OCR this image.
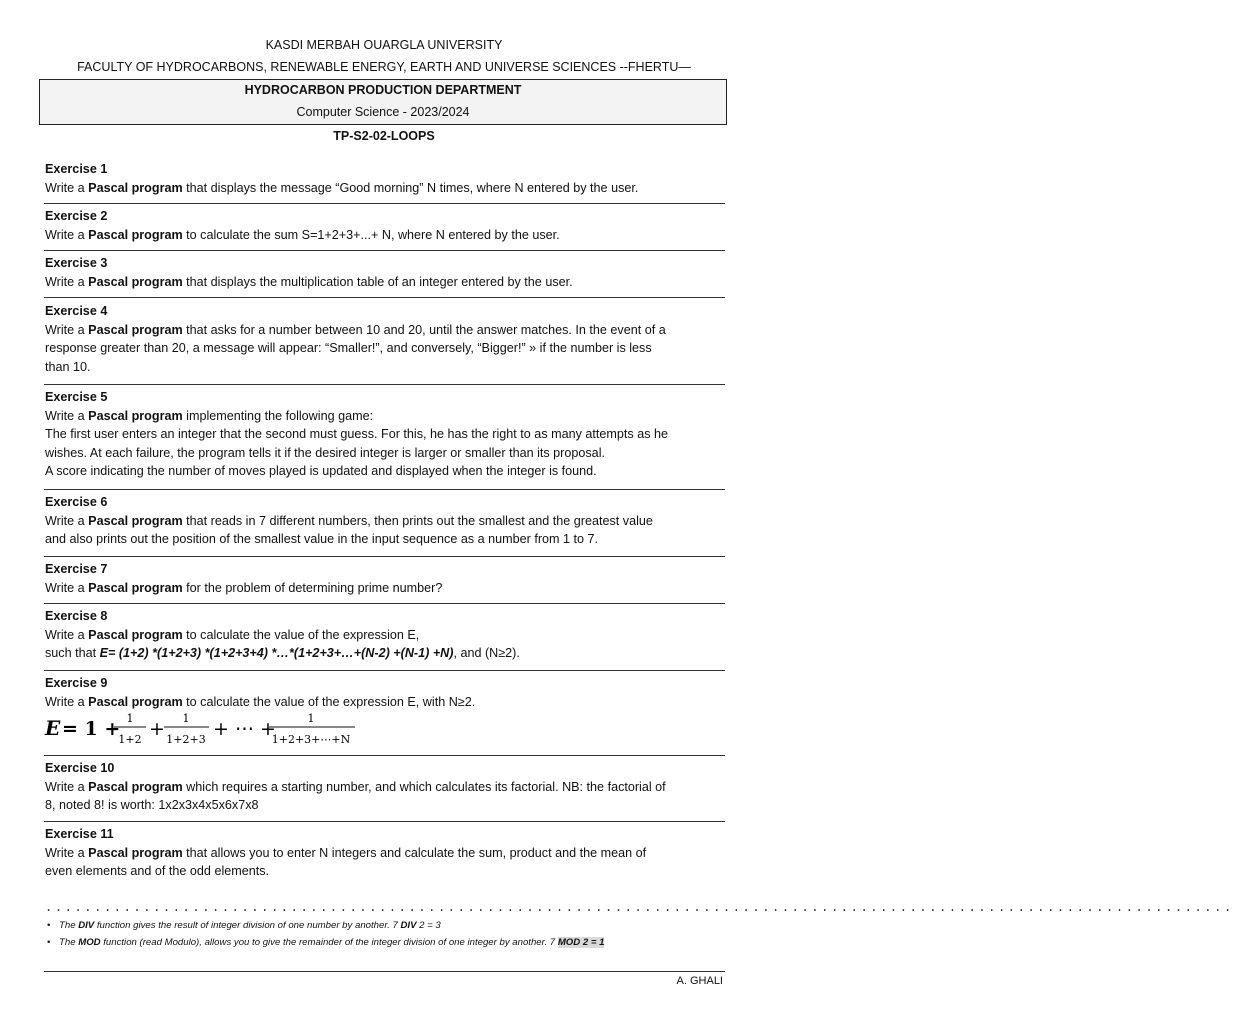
KASDI MERBAH OUARGLA UNIVERSITY
FACULTY OF HYDROCARBONS, RENEWABLE ENERGY, EARTH AND UNIVERSE SCIENCES --FHERTU—
HYDROCARBON PRODUCTION DEPARTMENT
Computer Science - 2023/2024
TP-S2-02-LOOPS
Exercise 1
Write a Pascal program that displays the message “Good morning” N times, where N entered by the user.
Exercise 2
Write a Pascal program to calculate the sum S=1+2+3+...+ N, where N entered by the user.
Exercise 3
Write a Pascal program that displays the multiplication table of an integer entered by the user.
Exercise 4
Write a Pascal program that asks for a number between 10 and 20, until the answer matches. In the event of a
response greater than 20, a message will appear: “Smaller!”, and conversely, “Bigger!” » if the number is less
than 10.
Exercise 5
Write a Pascal program implementing the following game:
The first user enters an integer that the second must guess. For this, he has the right to as many attempts as he
wishes. At each failure, the program tells it if the desired integer is larger or smaller than its proposal.
A score indicating the number of moves played is updated and displayed when the integer is found.
Exercise 6
Write a Pascal program that reads in 7 different numbers, then prints out the smallest and the greatest value
and also prints out the position of the smallest value in the input sequence as a number from 1 to 7.
Exercise 7
Write a Pascal program for the problem of determining prime number?
Exercise 8
Write a Pascal program to calculate the value of the expression E,
such that E= (1+2) *(1+2+3) *(1+2+3+4) *…*(1+2+3+…+(N-2) +(N-1) +N), and (N≥2).
Exercise 9
Write a Pascal program to calculate the value of the expression E, with N≥2.
E = 1 + 1
1+2 + 1
1+2+3 + ⋯ +	1
1+2+3+⋯+N
Exercise 10
Write a Pascal program which requires a starting number, and which calculates its factorial. NB: the factorial of
8, noted 8! is worth: 1x2x3x4x5x6x7x8
Exercise 11
Write a Pascal program that allows you to enter N integers and calculate the sum, product and the mean of
even elements and of the odd elements.
.........................................................................................................................
• The DIV function gives the result of integer division of one number by another. 7 DIV 2 = 3
• The MOD function (read Modulo), allows you to give the remainder of the integer division of one integer by another. 7 MOD 2 = 1
A. GHALI
